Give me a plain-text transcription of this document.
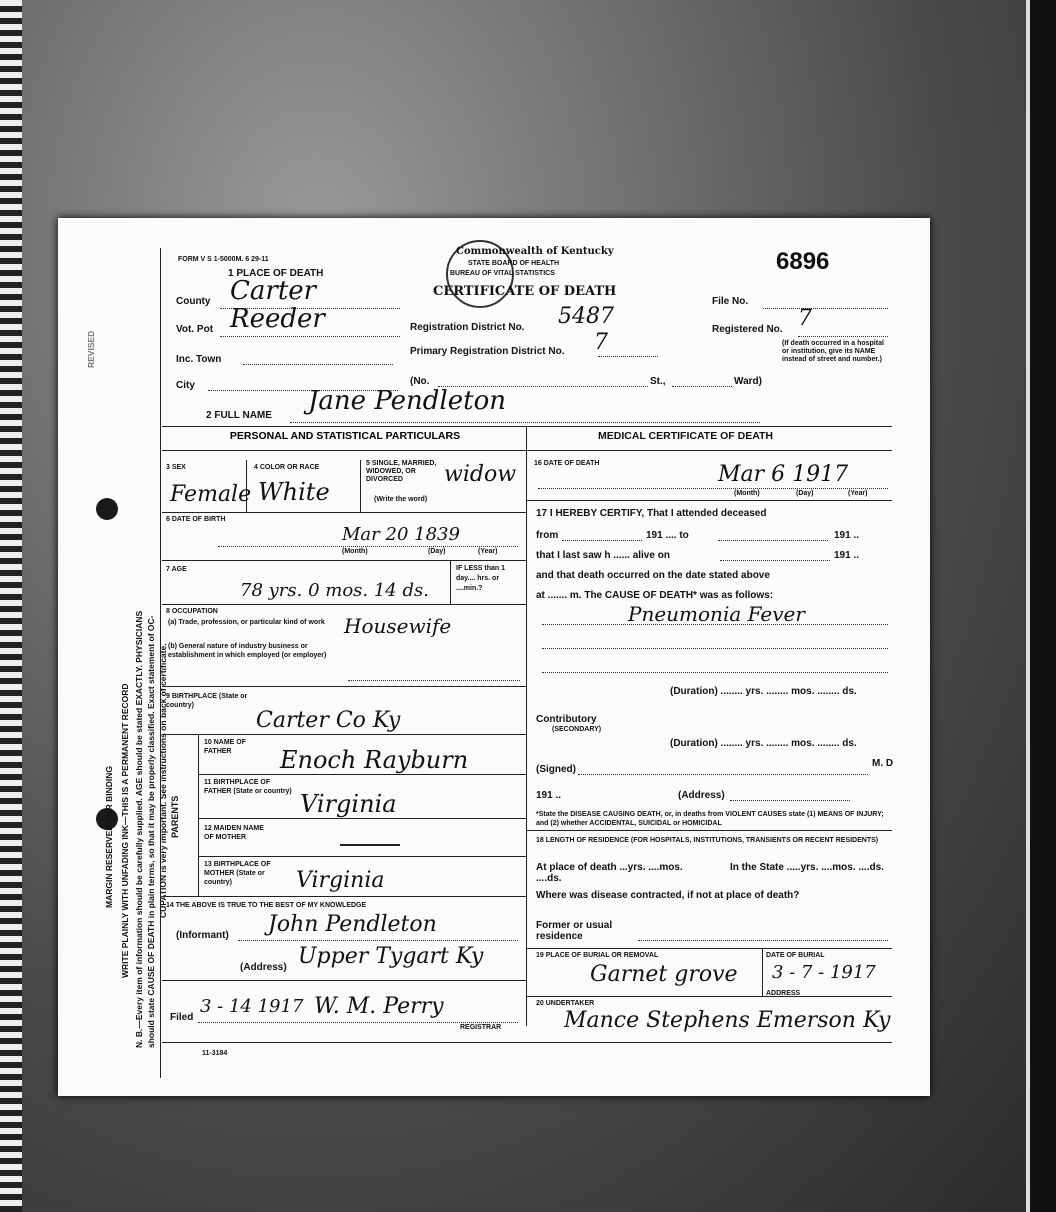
MARGIN RESERVED FOR BINDING WRITE PLAINLY WITH UNFADING INK—THIS IS A PERMANENT RECORD N. B.—Every item of information should be carefully supplied. AGE should be stated EXACTLY. PHYSICIANS should state CAUSE OF DEATH in plain terms, so that it may be properly classified. Exact statement of OC- CUPATION is very important. See instructions on back of certificate.
REVISED
FORM V S 1-5000M. 6 29-11
1 PLACE OF DEATH
Commonwealth of Kentucky
STATE BOARD OF HEALTH
BUREAU OF VITAL STATISTICS
CERTIFICATE OF DEATH
6896
County Carter
Vot. Pot Reeder	Registration District No. 5487
File No.
Registered No. 7
(If death occurred in a hospital or institution, give its NAME instead of street and number.)
Inc. Town
Primary Registration District No. 7
City	(No.	St.,	Ward)
2 FULL NAME Jane Pendleton
PERSONAL AND STATISTICAL PARTICULARS	MEDICAL CERTIFICATE OF DEATH
3 SEX
Female
4 COLOR OR RACE
White
5 SINGLE, MARRIED, WIDOWED, OR DIVORCED
(Write the word)
widow	16 DATE OF DEATH	Mar 6 1917
(Month)	(Day)	(Year)
6 DATE OF BIRTH
Mar 20 1839
(Month)	(Day)	(Year)
17 I HEREBY CERTIFY, That I attended deceased
from	191 .... to	191 ..
that I last saw h ...... alive on	191 ..
and that death occurred on the date stated above
at ....... m. The CAUSE OF DEATH* was as follows:
Pneumonia Fever
(Duration) ........ yrs. ........ mos. ........ ds.
Contributory
(SECONDARY)
(Duration) ........ yrs. ........ mos. ........ ds.
(Signed)
M. D
191 ..	(Address)
*State the DISEASE CAUSING DEATH, or, in deaths from VIOLENT CAUSES state (1) MEANS OF INJURY; and (2) whether ACCIDENTAL, SUICIDAL or HOMICIDAL
7 AGE
78 yrs. 0 mos. 14 ds.
IF LESS than 1 day.... hrs. or ....min.?
8 OCCUPATION
(a) Trade, profession, or particular kind of work Housewife
(b) General nature of industry business or establishment in which employed (or employer)
9 BIRTHPLACE (State or country)
Carter Co Ky
PARENTS
10 NAME OF FATHER	Enoch Rayburn
11 BIRTHPLACE OF FATHER (State or country) Virginia
12 MAIDEN NAME OF MOTHER
13 BIRTHPLACE OF MOTHER (State or country)	Virginia
18 LENGTH OF RESIDENCE (FOR HOSPITALS, INSTITUTIONS, TRANSIENTS OR RECENT RESIDENTS)
At place of death ...yrs. ....mos. ....ds.
In the State .....yrs. ....mos. ....ds.
Where was disease contracted, if not at place of death?
Former or usual residence
14 THE ABOVE IS TRUE TO THE BEST OF MY KNOWLEDGE
(Informant) John Pendleton
(Address) Upper Tygart Ky	19 PLACE OF BURIAL OR REMOVAL	DATE OF BURIAL
Garnet grove 3 - 7 - 1917
20 UNDERTAKER
ADDRESS
Mance Stephens Emerson Ky
Filed
3 - 14 1917 W. M. Perry
REGISTRAR
11-3184
